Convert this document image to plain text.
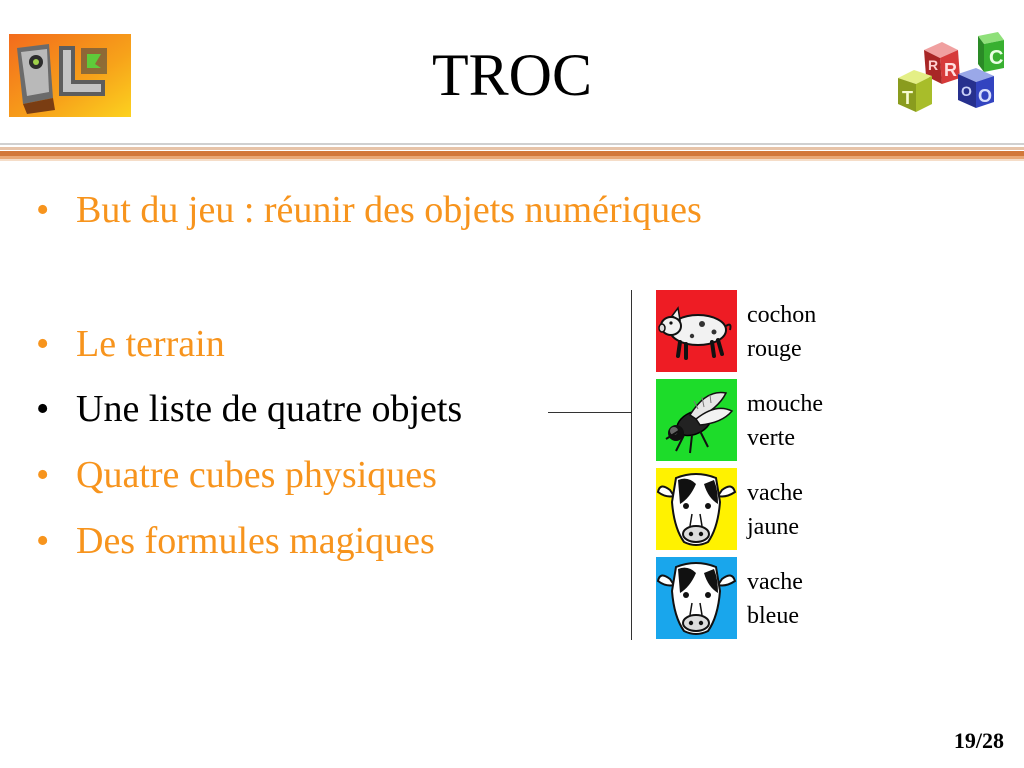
TROC	C
R
R
O
O
T
• But du jeu : réunir des objets numériques
• Le terrain
• Une liste de quatre objets
• Quatre cubes physiques
• Des formules magiques
cochon
rouge
mouche
verte
vache
jaune
vache
bleue
19/28
